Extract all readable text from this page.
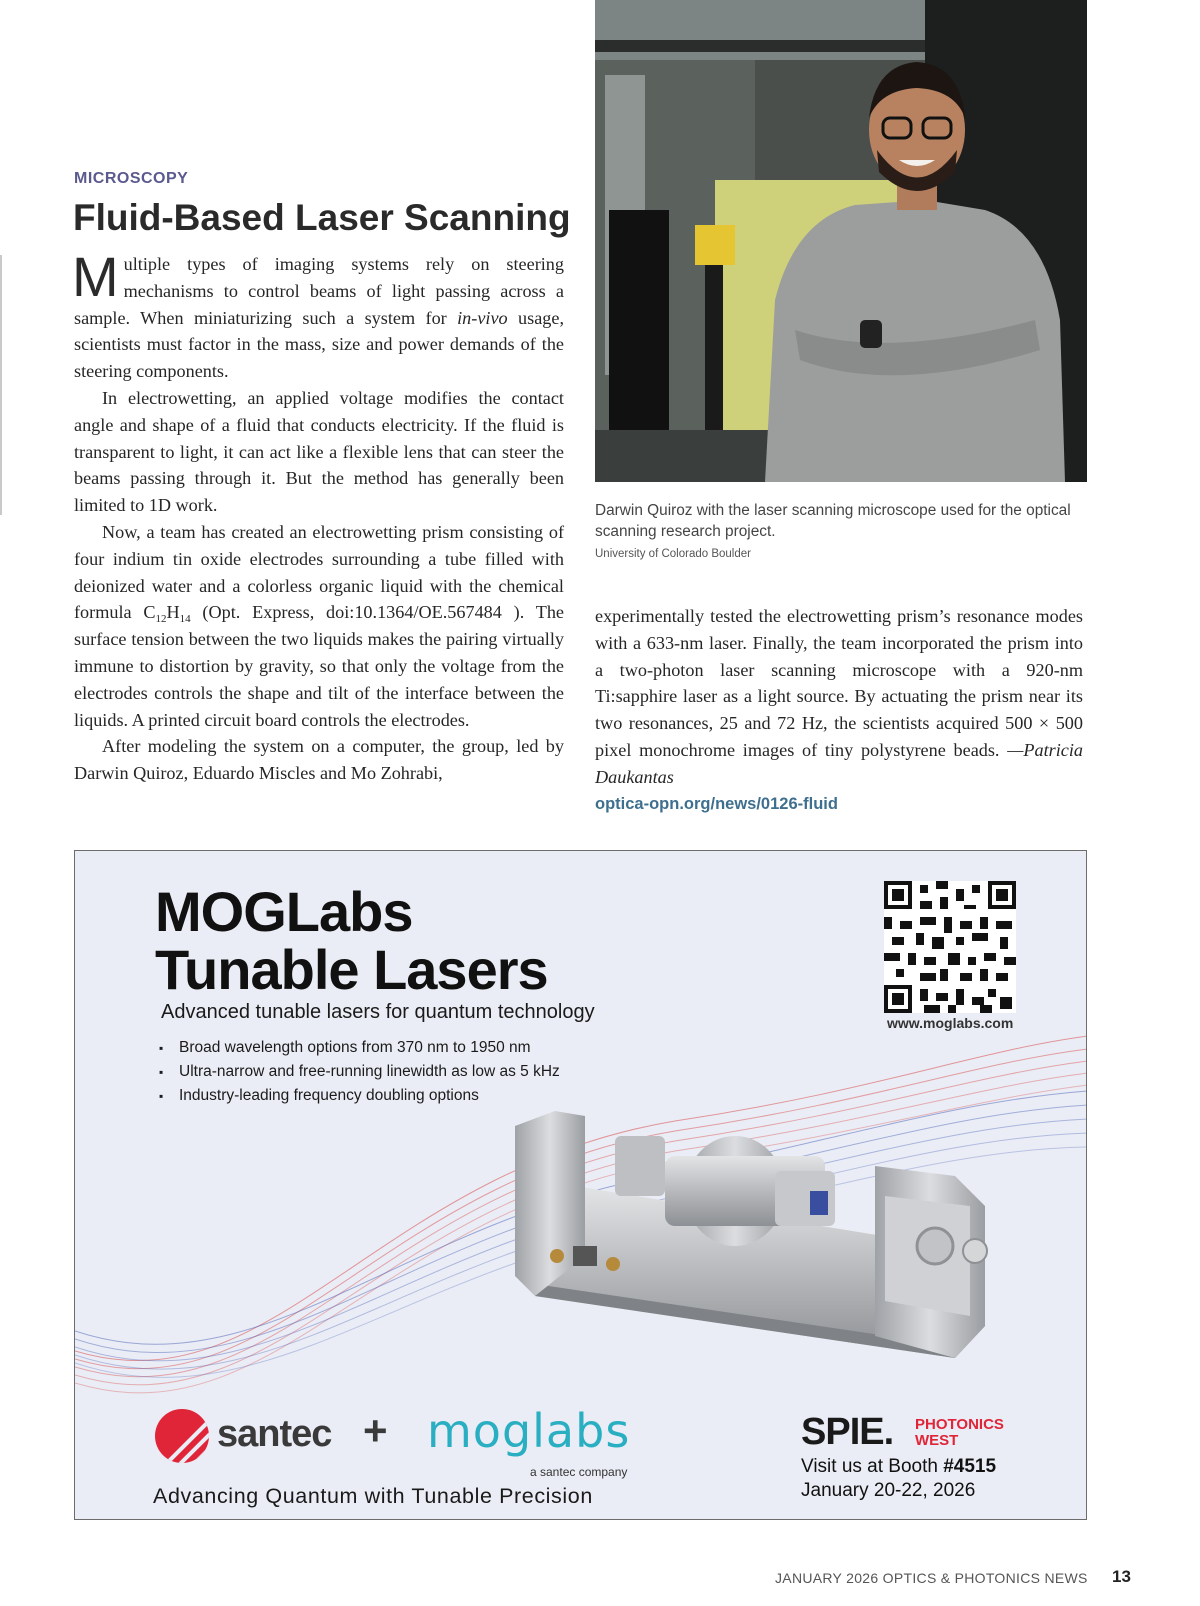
MICROSCOPY
Fluid-Based Laser Scanning

Multiple types of imaging systems rely on steering mechanisms to control beams of light passing across a sample. When miniaturizing such a system for in-vivo usage, scientists must factor in the mass, size and power demands of the steering components.

In electrowetting, an applied voltage modifies the contact angle and shape of a fluid that conducts electricity. If the fluid is transparent to light, it can act like a flexible lens that can steer the beams passing through it. But the method has generally been limited to 1D work.

Now, a team has created an electrowetting prism consisting of four indium tin oxide electrodes surrounding a tube filled with deionized water and a colorless organic liquid with the chemical formula $C_{12}H_{14}$ (Opt. Express, doi:10.1364/OE.567484 ). The surface tension between the two liquids makes the pairing virtually immune to distortion by gravity, so that only the voltage from the electrodes controls the shape and tilt of the interface between the liquids. A printed circuit board controls the electrodes.

After modeling the system on a computer, the group, led by Darwin Quiroz, Eduardo Miscles and Mo Zohrabi,

Darwin Quiroz with the laser scanning microscope used for the optical scanning research project.
University of Colorado Boulder

experimentally tested the electrowetting prism’s resonance modes with a 633-nm laser. Finally, the team incorporated the prism into a two-photon laser scanning microscope with a 920-nm Ti:sapphire laser as a light source. By actuating the prism near its two resonances, 25 and 72 Hz, the scientists acquired 500 × 500 pixel monochrome images of tiny polystyrene beads. —Patricia Daukantas

optica-opn.org/news/0126-fluid
MOGLabs
Tunable Lasers
Advanced tunable lasers for quantum technology
▪ Broad wavelength options from 370 nm to 1950 nm
▪ Ultra-narrow and free-running linewidth as low as 5 kHz
▪ Industry-leading frequency doubling options
www.moglabs.com
santec + moglabs
a santec company
Advancing Quantum with Tunable Precision
SPIE. PHOTONICS
WEST
Visit us at Booth #4515
January 20-22, 2026
JANUARY 2026 OPTICS & PHOTONICS NEWS 13
